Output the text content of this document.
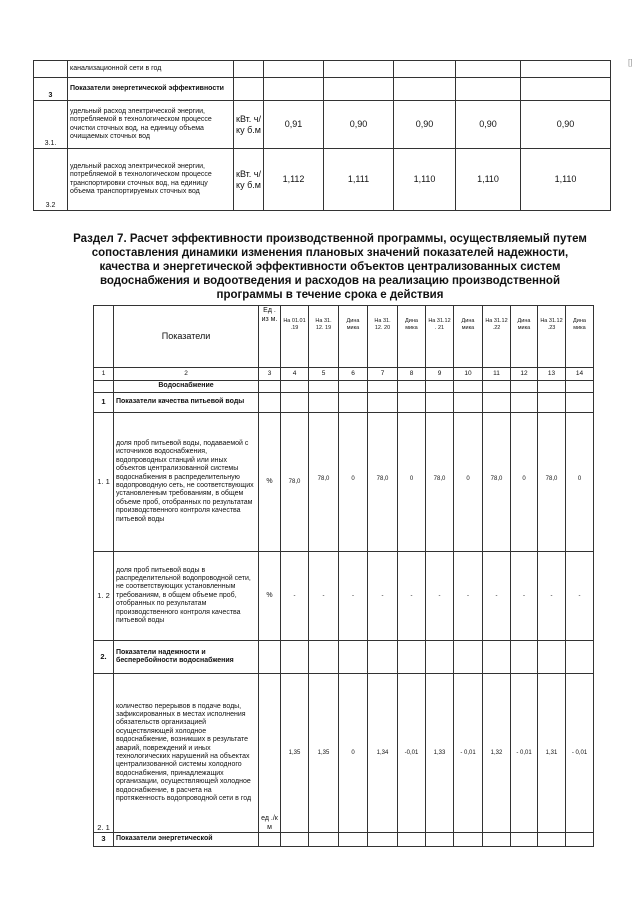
[]
	канализационной сети в год						
3	Показатели энергетической эффективности						
3.1.	удельный расход электрической энергии, потребляемой в технологическом процессе очистки сточных вод, на единицу объема очищаемых сточных вод	кВт. ч/ку б.м	0,91	0,90	0,90	0,90	0,90
3.2	удельный расход электрической энергии, потребляемой в технологическом процессе транспортировки сточных вод, на единицу объема транспортируемых сточных вод	кВт. ч/ку б.м	1,112	1,111	1,110	1,110	1,110
Раздел 7. Расчет эффективности производственной программы, осуществляемый путем сопоставления динамики изменения плановых значений показателей надежности, качества и энергетической эффективности объектов централизованных систем водоснабжения и водоотведения и расходов на реализацию производственной программы в течение срока е действия
	Показатели	Ед . из м.	На 01.01 .19	На 31. 12. 19	Дина мика	На 31. 12. 20	Дина мика	На 31.12 . 21	Дина мика	На 31.12 .22	Дина мика	На 31.12 .23	Дина мика
1	2	3	4	5	6	7	8	9	10	11	12	13	14
	Водоснабжение												
1	Показатели качества питьевой воды												
1. 1	доля проб питьевой воды, подаваемой с источников водоснабжения, водопроводных станций или иных объектов централизованной системы водоснабжения в распределительную водопроводную сеть, не соответствующих установленным требованиям, в общем объеме проб, отобранных по результатам производственного контроля качества питьевой воды	%	78,0	78,0	0	78,0	0	78,0	0	78,0	0	78,0	0
1. 2	доля проб питьевой воды в распределительной водопроводной сети, не соответствующих установленным требованиям, в общем объеме проб, отобранных по результатам производственного контроля качества питьевой воды	%	-	-	-	-	-	-	-	-	-	-	-
2.	Показатели надежности и бесперебойности водоснабжения												
2. 1	количество перерывов в подаче воды, зафиксированных в местах исполнения обязательств организацией осуществляющей холодное водоснабжение, возникших в результате аварий, повреждений и иных технологических нарушений на объектах централизованной системы холодного водоснабжения, принадлежащих организации, осуществляющей холодное водоснабжение, в расчета на протяженность водопроводной сети в год	ед ./к м	1,35	1,35	0	1,34	-0,01	1,33	- 0,01	1,32	- 0,01	1,31	- 0,01
3	Показатели энергетической												
